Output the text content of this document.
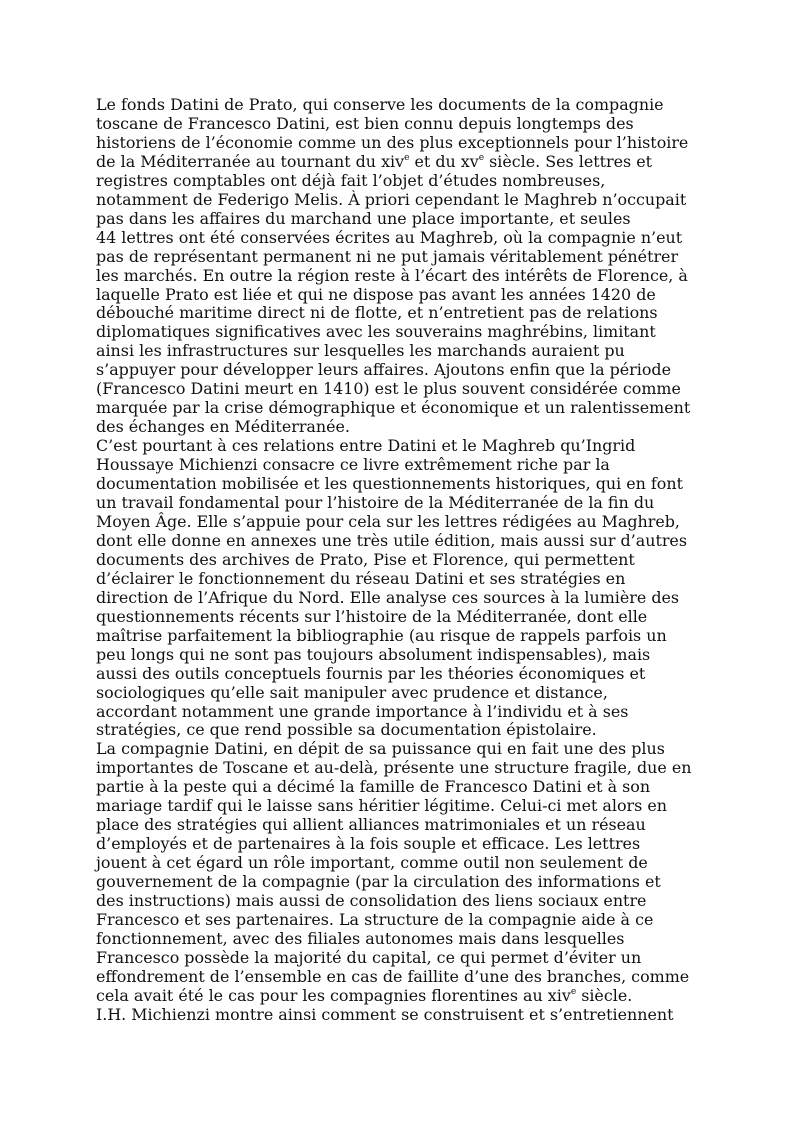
Le fonds Datini de Prato, qui conserve les documents de la compagnie
toscane de Francesco Datini, est bien connu depuis longtemps des
historiens de l’économie comme un des plus exceptionnels pour l’histoire
de la Méditerranée au tournant du xiv$^e$ et du $xv^e$ siècle. Ses lettres et
registres comptables ont déjà fait l’objet d’études nombreuses,
notamment de Federigo Melis. À priori cependant le Maghreb n’occupait
pas dans les affaires du marchand une place importante, et seules
44 lettres ont été conservées écrites au Maghreb, où la compagnie n’eut
pas de représentant permanent ni ne put jamais véritablement pénétrer
les marchés. En outre la région reste à l’écart des intérêts de Florence, à
laquelle Prato est liée et qui ne dispose pas avant les années 1420 de
débouché maritime direct ni de flotte, et n’entretient pas de relations
diplomatiques significatives avec les souverains maghrébins, limitant
ainsi les infrastructures sur lesquelles les marchands auraient pu
s’appuyer pour développer leurs affaires. Ajoutons enfin que la période
(Francesco Datini meurt en 1410) est le plus souvent considérée comme
marquée par la crise démographique et économique et un ralentissement
des échanges en Méditerranée.
C’est pourtant à ces relations entre Datini et le Maghreb qu’Ingrid
Houssaye Michienzi consacre ce livre extrêmement riche par la
documentation mobilisée et les questionnements historiques, qui en font
un travail fondamental pour l’histoire de la Méditerranée de la fin du
Moyen Âge. Elle s’appuie pour cela sur les lettres rédigées au Maghreb,
dont elle donne en annexes une très utile édition, mais aussi sur d’autres
documents des archives de Prato, Pise et Florence, qui permettent
d’éclairer le fonctionnement du réseau Datini et ses stratégies en
direction de l’Afrique du Nord. Elle analyse ces sources à la lumière des
questionnements récents sur l’histoire de la Méditerranée, dont elle
maîtrise parfaitement la bibliographie (au risque de rappels parfois un
peu longs qui ne sont pas toujours absolument indispensables), mais
aussi des outils conceptuels fournis par les théories économiques et
sociologiques qu’elle sait manipuler avec prudence et distance,
accordant notamment une grande importance à l’individu et à ses
stratégies, ce que rend possible sa documentation épistolaire.
La compagnie Datini, en dépit de sa puissance qui en fait une des plus
importantes de Toscane et au-delà, présente une structure fragile, due en
partie à la peste qui a décimé la famille de Francesco Datini et à son
mariage tardif qui le laisse sans héritier légitime. Celui-ci met alors en
place des stratégies qui allient alliances matrimoniales et un réseau
d’employés et de partenaires à la fois souple et efficace. Les lettres
jouent à cet égard un rôle important, comme outil non seulement de
gouvernement de la compagnie (par la circulation des informations et
des instructions) mais aussi de consolidation des liens sociaux entre
Francesco et ses partenaires. La structure de la compagnie aide à ce
fonctionnement, avec des filiales autonomes mais dans lesquelles
Francesco possède la majorité du capital, ce qui permet d’éviter un
effondrement de l’ensemble en cas de faillite d’une des branches, comme
cela avait été le cas pour les compagnies florentines au xiv$^e$ siècle.
I.H. Michienzi montre ainsi comment se construisent et s’entretiennent
